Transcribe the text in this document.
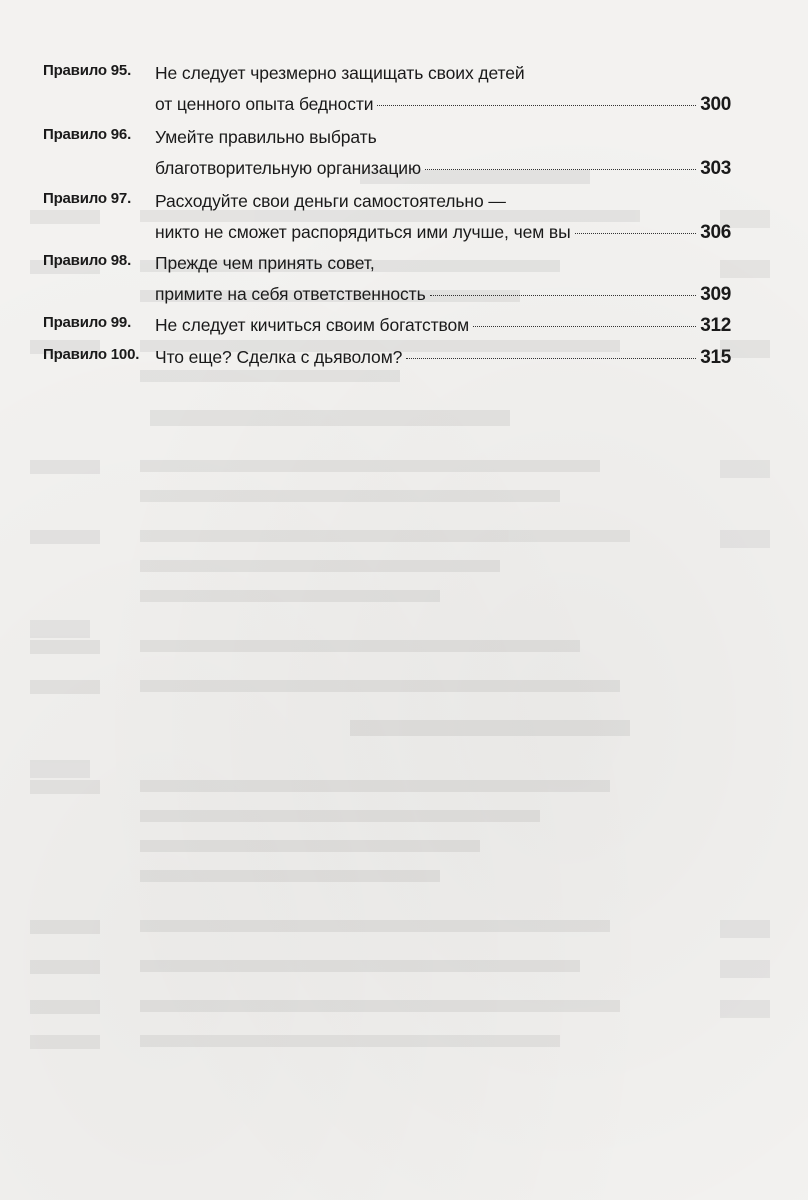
Правило 95.	Не следует чрезмерно защищать своих детей
от ценного опыта бедности	300
Правило 96.	Умейте правильно выбрать
благотворительную организацию	303
Правило 97.	Расходуйте свои деньги самостоятельно —
никто не сможет распорядиться ими лучше, чем вы	306
Правило 98.	Прежде чем принять совет,
примите на себя ответственность	309
Правило 99.	Не следует кичиться своим богатством	312
Правило 100. Что еще? Сделка с дьяволом?	315
